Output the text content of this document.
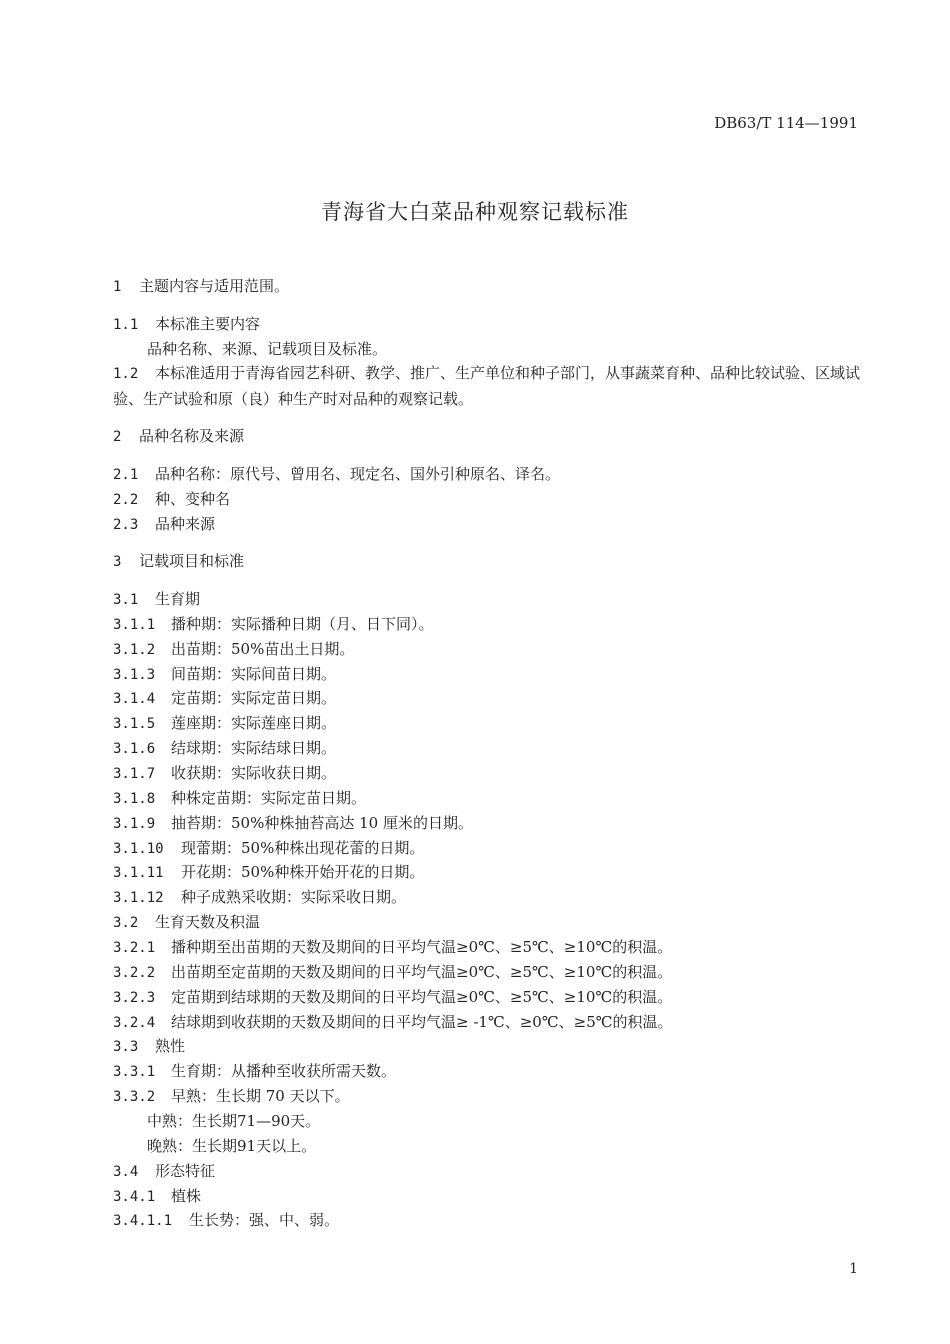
DB63/T 114—1991
青海省大白菜品种观察记载标准
1 主题内容与适用范围。
1.1 本标准主要内容
品种名称、来源、记载项目及标准。
1.2 本标准适用于青海省园艺科研、教学、推广、生产单位和种子部门，从事蔬菜育种、品种比较试验、区域试验、生产试验和原（良）种生产时对品种的观察记载。
2 品种名称及来源
2.1 品种名称：原代号、曾用名、现定名、国外引种原名、译名。
2.2 种、变种名
2.3 品种来源
3 记载项目和标准
3.1 生育期
3.1.1 播种期：实际播种日期（月、日下同）。
3.1.2 出苗期：50%苗出土日期。
3.1.3 间苗期：实际间苗日期。
3.1.4 定苗期：实际定苗日期。
3.1.5 莲座期：实际莲座日期。
3.1.6 结球期：实际结球日期。
3.1.7 收获期：实际收获日期。
3.1.8 种株定苗期：实际定苗日期。
3.1.9 抽苔期：50%种株抽苔高达 10 厘米的日期。
3.1.10 现蕾期：50%种株出现花蕾的日期。
3.1.11 开花期：50%种株开始开花的日期。
3.1.12 种子成熟采收期：实际采收日期。
3.2 生育天数及积温
3.2.1 播种期至出苗期的天数及期间的日平均气温≥0℃、≥5℃、≥10℃的积温。
3.2.2 出苗期至定苗期的天数及期间的日平均气温≥0℃、≥5℃、≥10℃的积温。
3.2.3 定苗期到结球期的天数及期间的日平均气温≥0℃、≥5℃、≥10℃的积温。
3.2.4 结球期到收获期的天数及期间的日平均气温≥ -1℃、≥0℃、≥5℃的积温。
3.3 熟性
3.3.1 生育期：从播种至收获所需天数。
3.3.2 早熟：生长期 70 天以下。
中熟：生长期71—90天。
晚熟：生长期91天以上。
3.4 形态特征
3.4.1 植株
3.4.1.1 生长势：强、中、弱。
1
